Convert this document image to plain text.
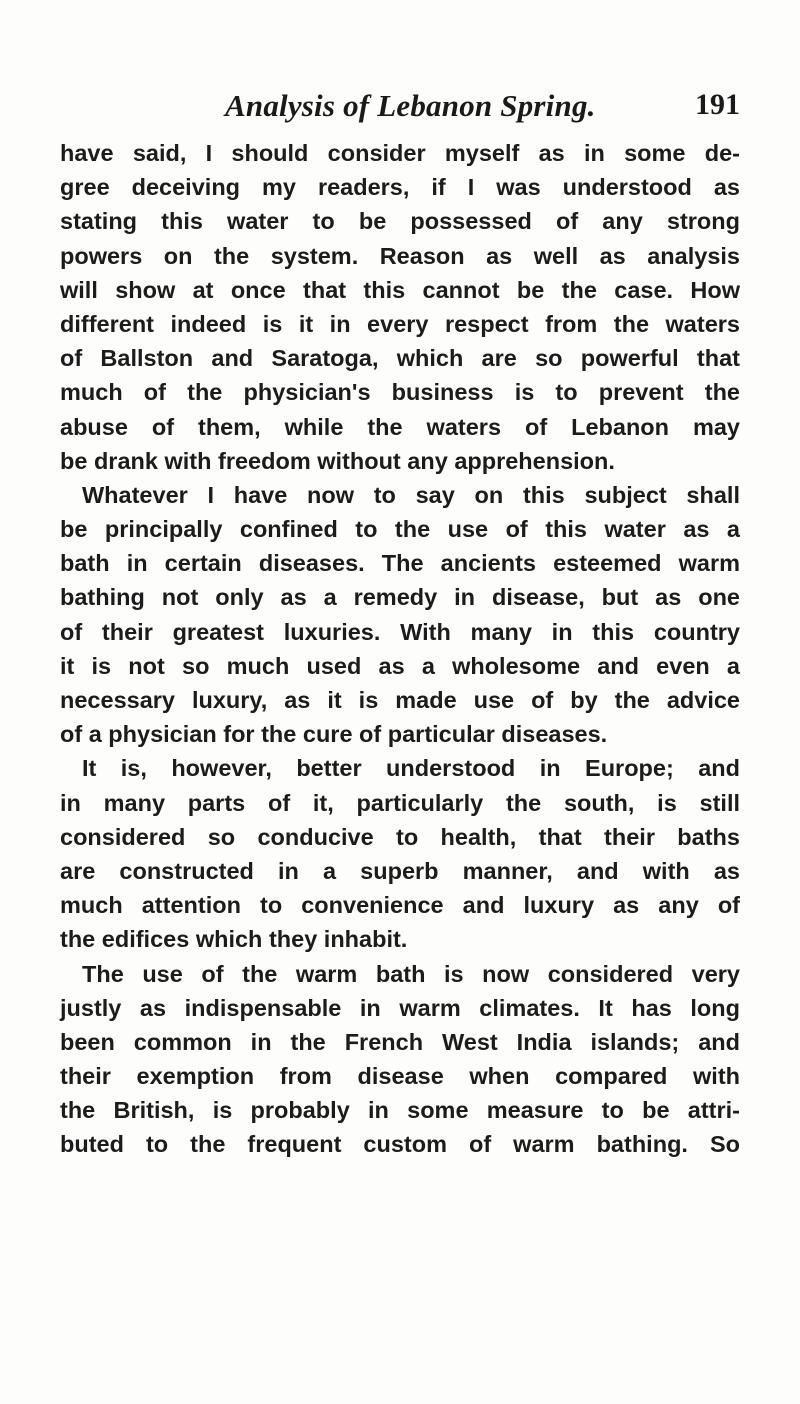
Analysis of Lebanon Spring.	191
have said, I should consider myself as in some de-
gree deceiving my readers, if I was understood as
stating this water to be possessed of any strong
powers on the system. Reason as well as analysis
will show at once that this cannot be the case. How
different indeed is it in every respect from the waters
of Ballston and Saratoga, which are so powerful that
much of the physician's business is to prevent the
abuse of them, while the waters of Lebanon may
be drank with freedom without any apprehension.
Whatever I have now to say on this subject shall
be principally confined to the use of this water as a
bath in certain diseases. The ancients esteemed warm
bathing not only as a remedy in disease, but as one
of their greatest luxuries. With many in this country
it is not so much used as a wholesome and even a
necessary luxury, as it is made use of by the advice
of a physician for the cure of particular diseases.
It is, however, better understood in Europe; and
in many parts of it, particularly the south, is still
considered so conducive to health, that their baths
are constructed in a superb manner, and with as
much attention to convenience and luxury as any of
the edifices which they inhabit.
The use of the warm bath is now considered very
justly as indispensable in warm climates. It has long
been common in the French West India islands; and
their exemption from disease when compared with
the British, is probably in some measure to be attri-
buted to the frequent custom of warm bathing. So
